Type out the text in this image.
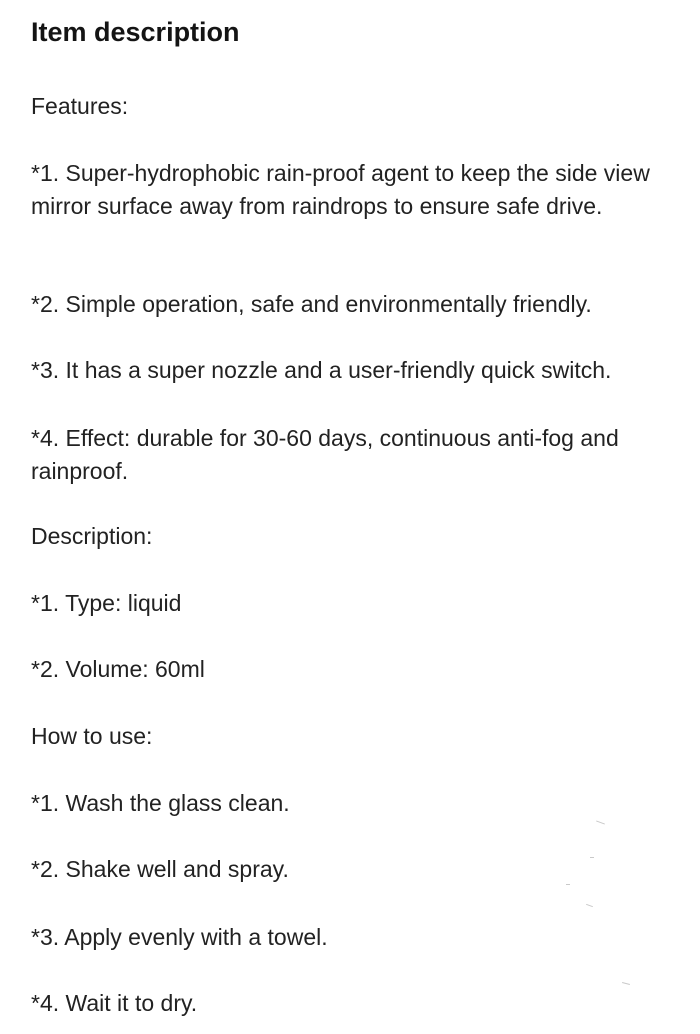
Item description

Features:

*1. Super-hydrophobic rain-proof agent to keep the side view mirror surface away from raindrops to ensure safe drive.

*2. Simple operation, safe and environmentally friendly.

*3. It has a super nozzle and a user-friendly quick switch.

*4. Effect: durable for 30-60 days, continuous anti-fog and rainproof.

Description:

*1. Type: liquid

*2. Volume: 60ml

How to use:

*1. Wash the glass clean.

*2. Shake well and spray.

*3. Apply evenly with a towel.

*4. Wait it to dry.
